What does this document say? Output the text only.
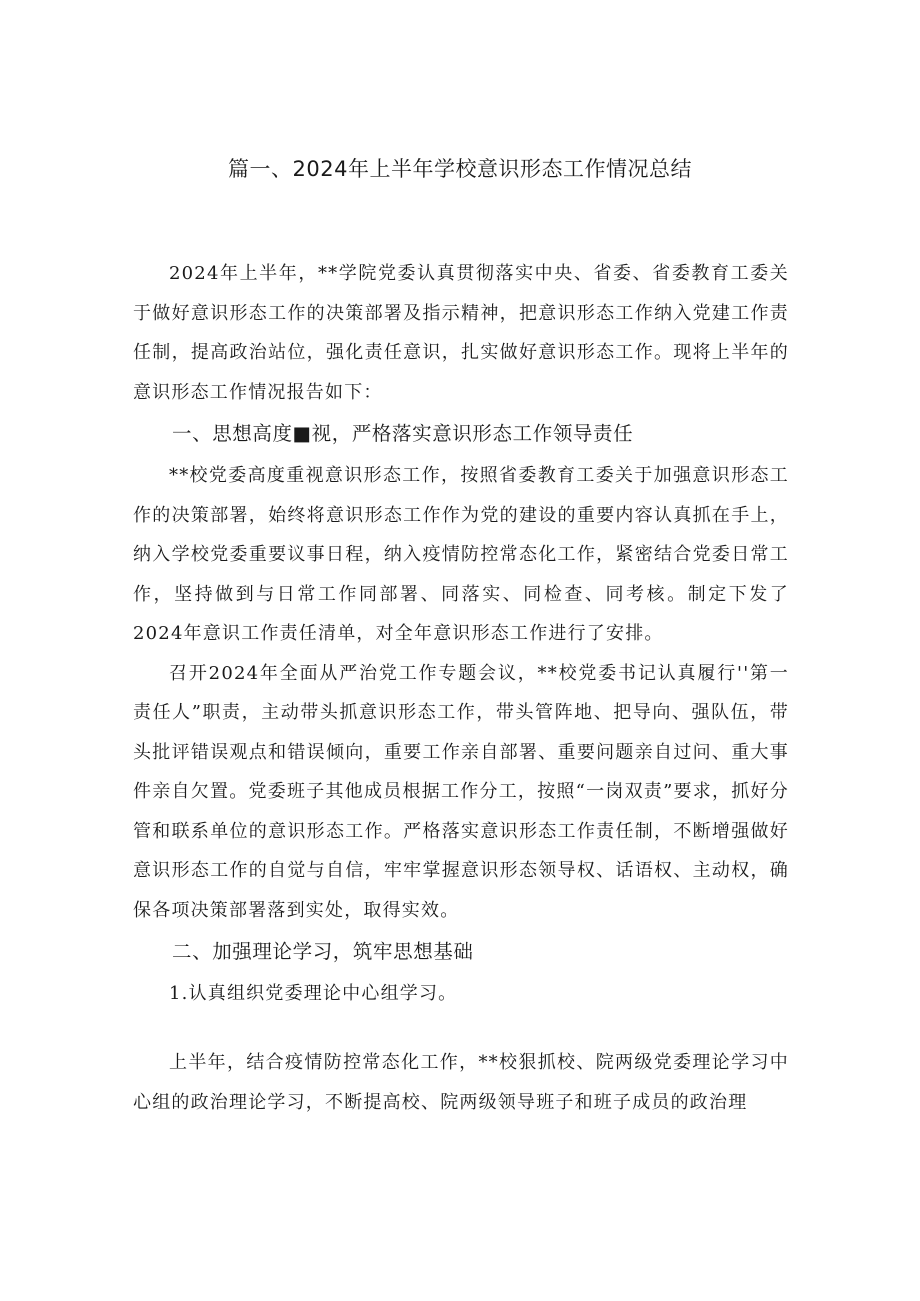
篇一、2024年上半年学校意识形态工作情况总结

2024年上半年，**学院党委认真贯彻落实中央、省委、省委教育工委关于做好意识形态工作的决策部署及指示精神，把意识形态工作纳入党建工作责任制，提高政治站位，强化责任意识，扎实做好意识形态工作。现将上半年的意识形态工作情况报告如下：

一、思想高度■视，严格落实意识形态工作领导责任

**校党委高度重视意识形态工作，按照省委教育工委关于加强意识形态工作的决策部署，始终将意识形态工作作为党的建设的重要内容认真抓在手上，纳入学校党委重要议事日程，纳入疫情防控常态化工作，紧密结合党委日常工作，坚持做到与日常工作同部署、同落实、同检查、同考核。制定下发了2024年意识工作责任清单，对全年意识形态工作进行了安排。

召开2024年全面从严治党工作专题会议，**校党委书记认真履行''第一责任人”职责，主动带头抓意识形态工作，带头管阵地、把导向、强队伍，带头批评错误观点和错误倾向，重要工作亲自部署、重要问题亲自过问、重大事件亲自欠置。党委班子其他成员根据工作分工，按照“一岗双责”要求，抓好分管和联系单位的意识形态工作。严格落实意识形态工作责任制，不断增强做好意识形态工作的自觉与自信，牢牢掌握意识形态领导权、话语权、主动权，确保各项决策部署落到实处，取得实效。

二、加强理论学习，筑牢思想基础

1.认真组织党委理论中心组学习。

上半年，结合疫情防控常态化工作，**校狠抓校、院两级党委理论学习中心组的政治理论学习，不断提高校、院两级领导班子和班子成员的政治理
